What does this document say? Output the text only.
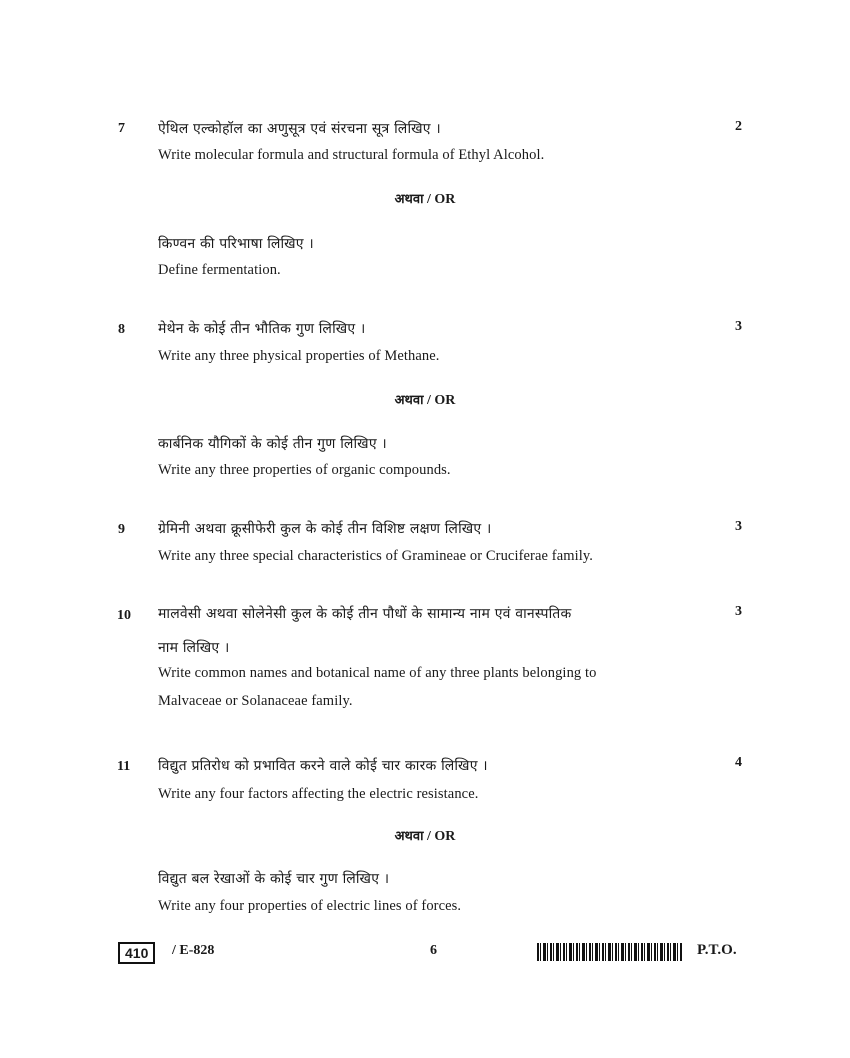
7 ऐथिल एल्कोहॉल का अणुसूत्र एवं संरचना सूत्र लिखिए ।	2
Write molecular formula and structural formula of Ethyl Alcohol.
अथवा / OR
किण्वन की परिभाषा लिखिए ।
Define fermentation.
8 मेथेन के कोई तीन भौतिक गुण लिखिए ।	3
Write any three physical properties of Methane.
अथवा / OR
कार्बनिक यौगिकों के कोई तीन गुण लिखिए ।
Write any three properties of organic compounds.
9 ग्रेमिनी अथवा क्रूसीफेरी कुल के कोई तीन विशिष्ट लक्षण लिखिए ।	3
Write any three special characteristics of Gramineae or Cruciferae family.
10 मालवेसी अथवा सोलेनेसी कुल के कोई तीन पौधों के सामान्य नाम एवं वानस्पतिक	3
नाम लिखिए ।
Write common names and botanical name of any three plants belonging to
Malvaceae or Solanaceae family.
11 विद्युत प्रतिरोध को प्रभावित करने वाले कोई चार कारक लिखिए ।	4
Write any four factors affecting the electric resistance.
अथवा / OR
विद्युत बल रेखाओं के कोई चार गुण लिखिए ।
Write any four properties of electric lines of forces.
410	/ E-828	6	P.T.O.
